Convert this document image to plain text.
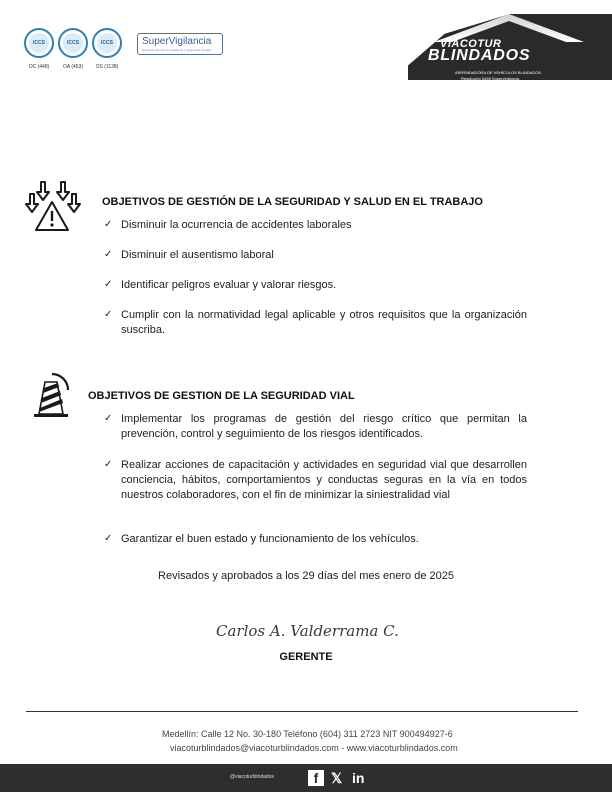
ICCS
OC (448)
ICCS
OA (453)
ICCS
OS (1138)
SuperVigilancia
Superintendencia de Vigilancia y Seguridad Privada	VIACOTUR
BLINDADOS
ARRENDADORA DE VEHÍCULOS BLINDADOS
Resolución 5489 Supervigilancia
OBJETIVOS DE GESTIÓN DE LA SEGURIDAD Y SALUD EN EL TRABAJO
✓ Disminuir la ocurrencia de accidentes laborales
✓ Disminuir el ausentismo laboral
✓ Identificar peligros evaluar y valorar riesgos.
✓ Cumplir con la normatividad legal aplicable y otros requisitos que la organización suscriba.
OBJETIVOS DE GESTION DE LA SEGURIDAD VIAL
✓ Implementar los programas de gestión del riesgo crítico que permitan la prevención, control y seguimiento de los riesgos identificados.
✓ Realizar acciones de capacitación y actividades en seguridad vial que desarrollen conciencia, hábitos, comportamientos y conductas seguras en la vía en todos nuestros colaboradores, con el fin de minimizar la siniestralidad vial
✓ Garantizar el buen estado y funcionamiento de los vehículos.
Revisados y aprobados a los 29 días del mes enero de 2025
Carlos A. Valderrama C.
GERENTE
Medellín: Calle 12 No. 30-180 Teléfono (604) 311 2723 NIT 900494927-6
viacoturblindados@viacoturblindados.com - www.viacoturblindados.com
@viacoturblindados	f 𝕏 in
